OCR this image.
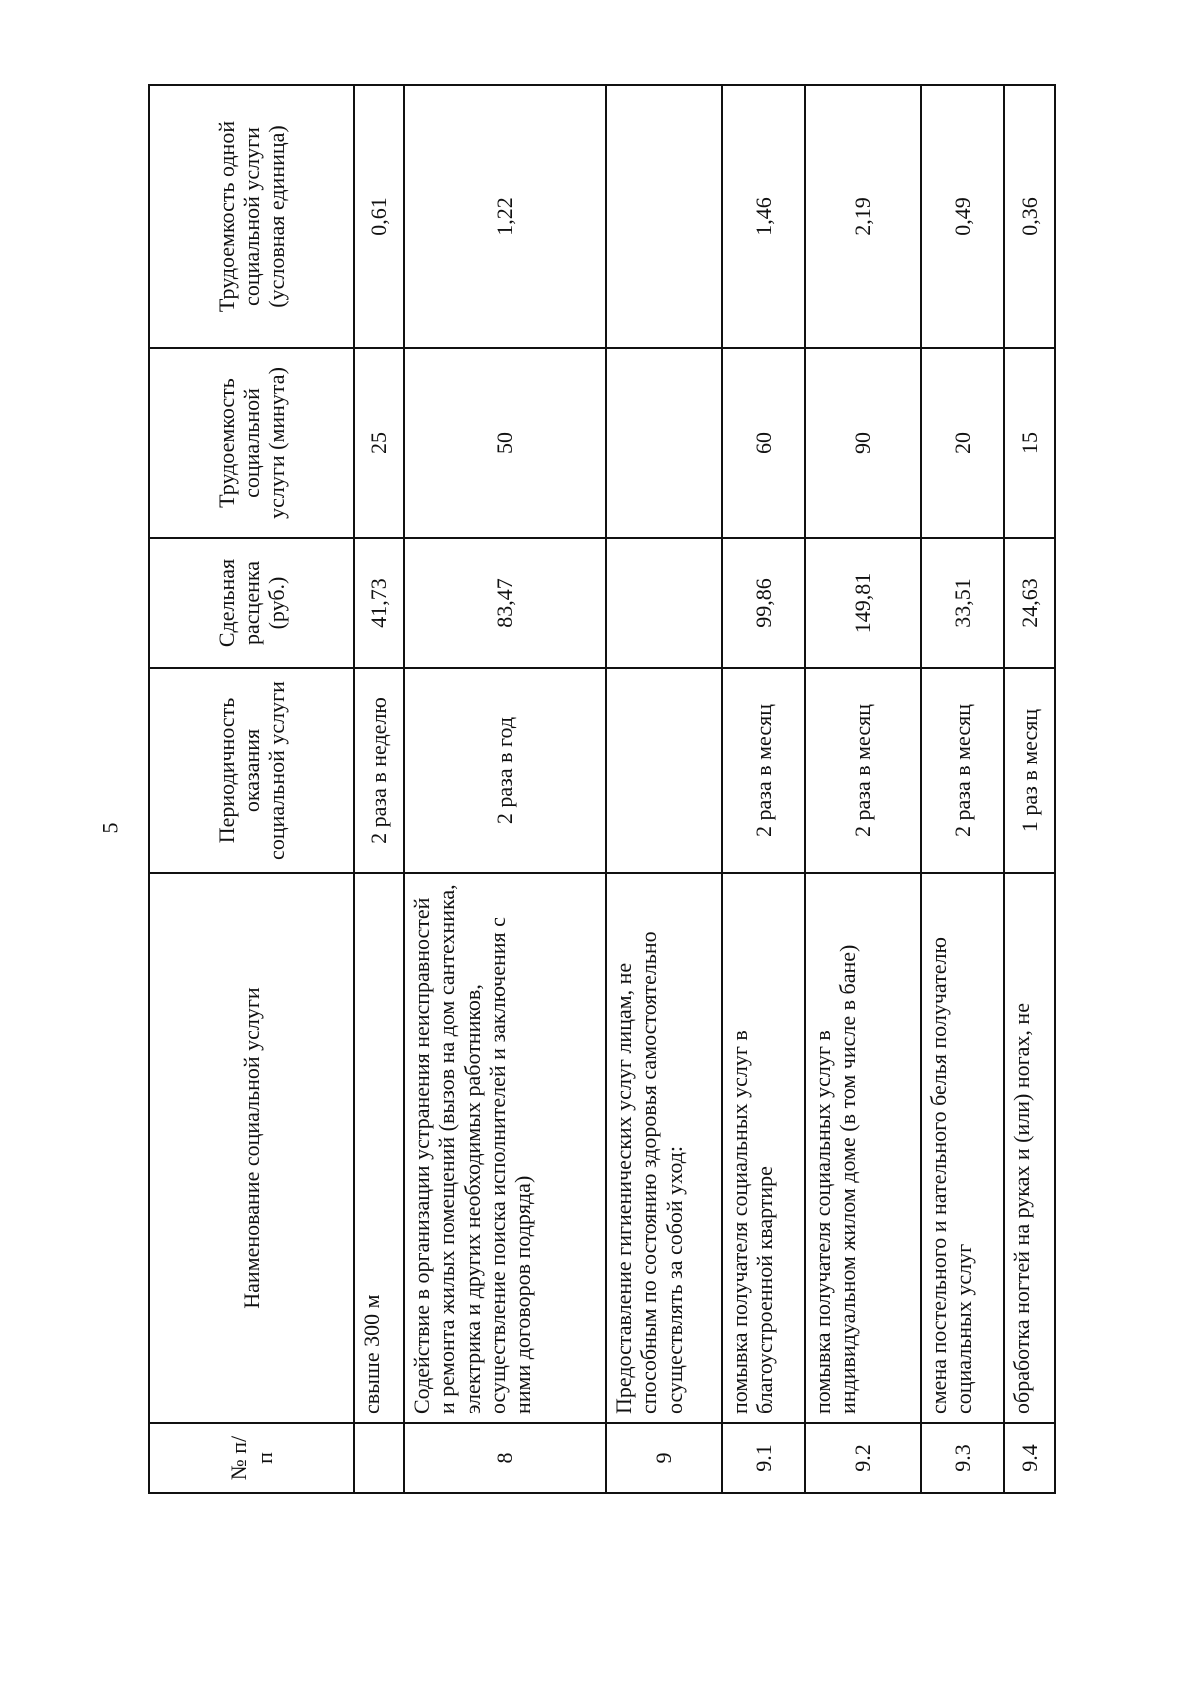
5
№ п/п	Наименование социальной услуги	Периодичность оказания социальной услуги	Сдельная расценка (руб.)	Трудоемкость социальной услуги (минута)	Трудоемкость одной социальной услуги (условная единица)
	свыше 300 м	2 раза в неделю	41,73	25	0,61
8	Содействие в организации устранения неисправностей и ремонта жилых помещений (вызов на дом сантехника, электрика и других необходимых работников, осуществление поиска исполнителей и заключения с ними договоров подряда)	2 раза в год	83,47	50	1,22
9	Предоставление гигиенических услуг лицам, не способным по состоянию здоровья самостоятельно осуществлять за собой уход:				
9.1	помывка получателя социальных услуг в благоустроенной квартире	2 раза в месяц	99,86	60	1,46
9.2	помывка получателя социальных услуг в индивидуальном жилом доме (в том числе в бане)	2 раза в месяц	149,81	90	2,19
9.3	смена постельного и нательного белья получателю социальных услуг	2 раза в месяц	33,51	20	0,49
9.4	обработка ногтей на руках и (или) ногах, не	1 раз в месяц	24,63	15	0,36
